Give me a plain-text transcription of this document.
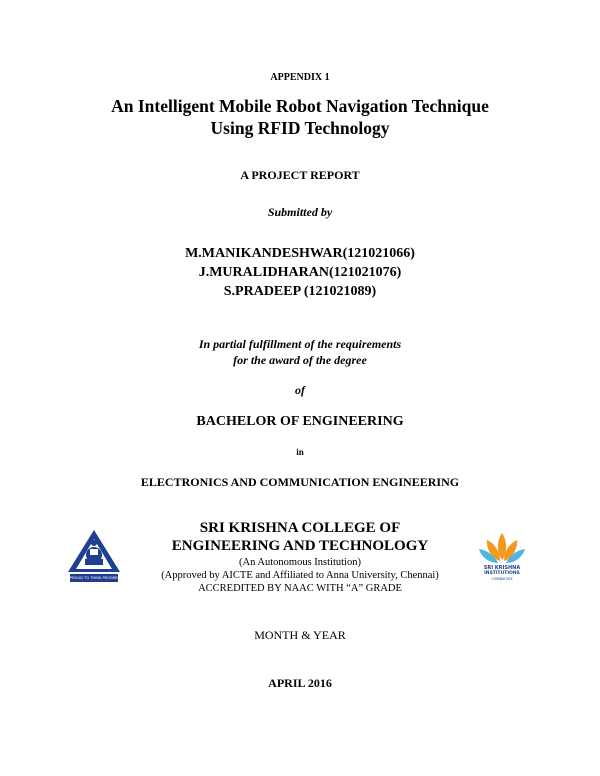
APPENDIX 1
An Intelligent Mobile Robot Navigation Technique
Using RFID Technology
A PROJECT REPORT
Submitted by
M.MANIKANDESHWAR(121021066)
J.MURALIDHARAN(121021076)
S.PRADEEP (121021089)
In partial fulfillment of the requirements
for the award of the degree
of
BACHELOR OF ENGINEERING
in
ELECTRONICS AND COMMUNICATION ENGINEERING
PROUD TO THINK PROGRESS
SRI KRISHNA COLLEGE OF
ENGINEERING AND TECHNOLOGY
(An Autonomous Institution)
(Approved by AICTE and Affiliated to Anna University, Chennai)
ACCREDITED BY NAAC WITH “A” GRADE
SRI KRISHNA
INSTITUTIONS
COIMBATORE
MONTH & YEAR
APRIL 2016
